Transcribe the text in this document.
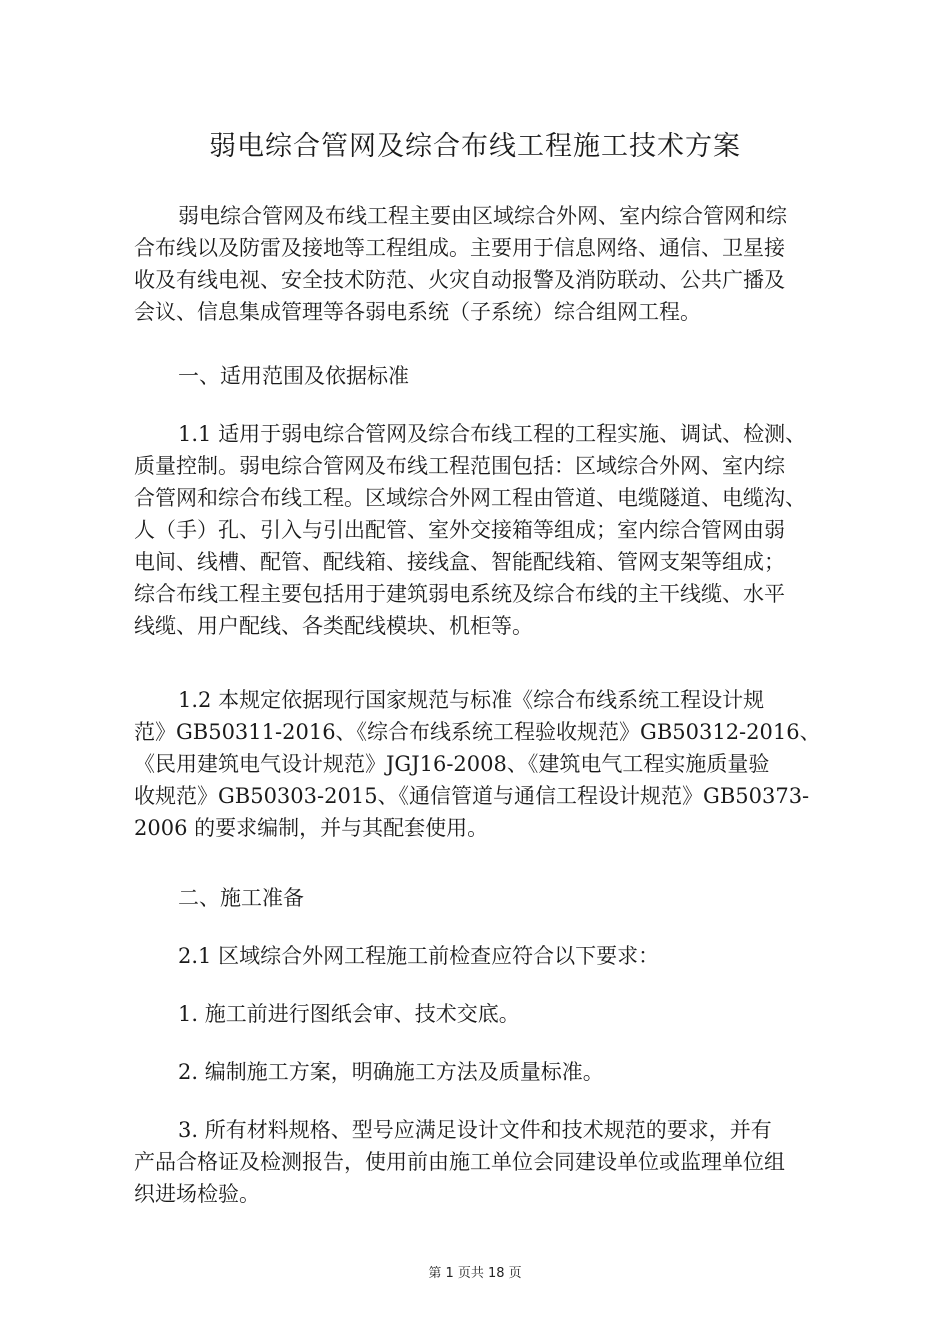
弱电综合管网及综合布线工程施工技术方案
弱电综合管网及布线工程主要由区域综合外网、室内综合管网和综
合布线以及防雷及接地等工程组成。主要用于信息网络、通信、卫星接
收及有线电视、安全技术防范、火灾自动报警及消防联动、公共广播及
会议、信息集成管理等各弱电系统（子系统）综合组网工程。
一、适用范围及依据标准
1.1 适用于弱电综合管网及综合布线工程的工程实施、调试、检测、
质量控制。弱电综合管网及布线工程范围包括：区域综合外网、室内综
合管网和综合布线工程。区域综合外网工程由管道、电缆隧道、电缆沟、
人（手）孔、引入与引出配管、室外交接箱等组成；室内综合管网由弱
电间、线槽、配管、配线箱、接线盒、智能配线箱、管网支架等组成；
综合布线工程主要包括用于建筑弱电系统及综合布线的主干线缆、水平
线缆、用户配线、各类配线模块、机柜等。
1.2 本规定依据现行国家规范与标准《综合布线系统工程设计规
范》GB50311-2016、《综合布线系统工程验收规范》GB50312-2016、
《民用建筑电气设计规范》JGJ16-2008、《建筑电气工程实施质量验
收规范》GB50303-2015、《通信管道与通信工程设计规范》GB50373-
2006 的要求编制，并与其配套使用。
二、施工准备
2.1 区域综合外网工程施工前检查应符合以下要求：
1. 施工前进行图纸会审、技术交底。
2. 编制施工方案，明确施工方法及质量标准。
3. 所有材料规格、型号应满足设计文件和技术规范的要求，并有
产品合格证及检测报告，使用前由施工单位会同建设单位或监理单位组
织进场检验。
第 1 页共 18 页
